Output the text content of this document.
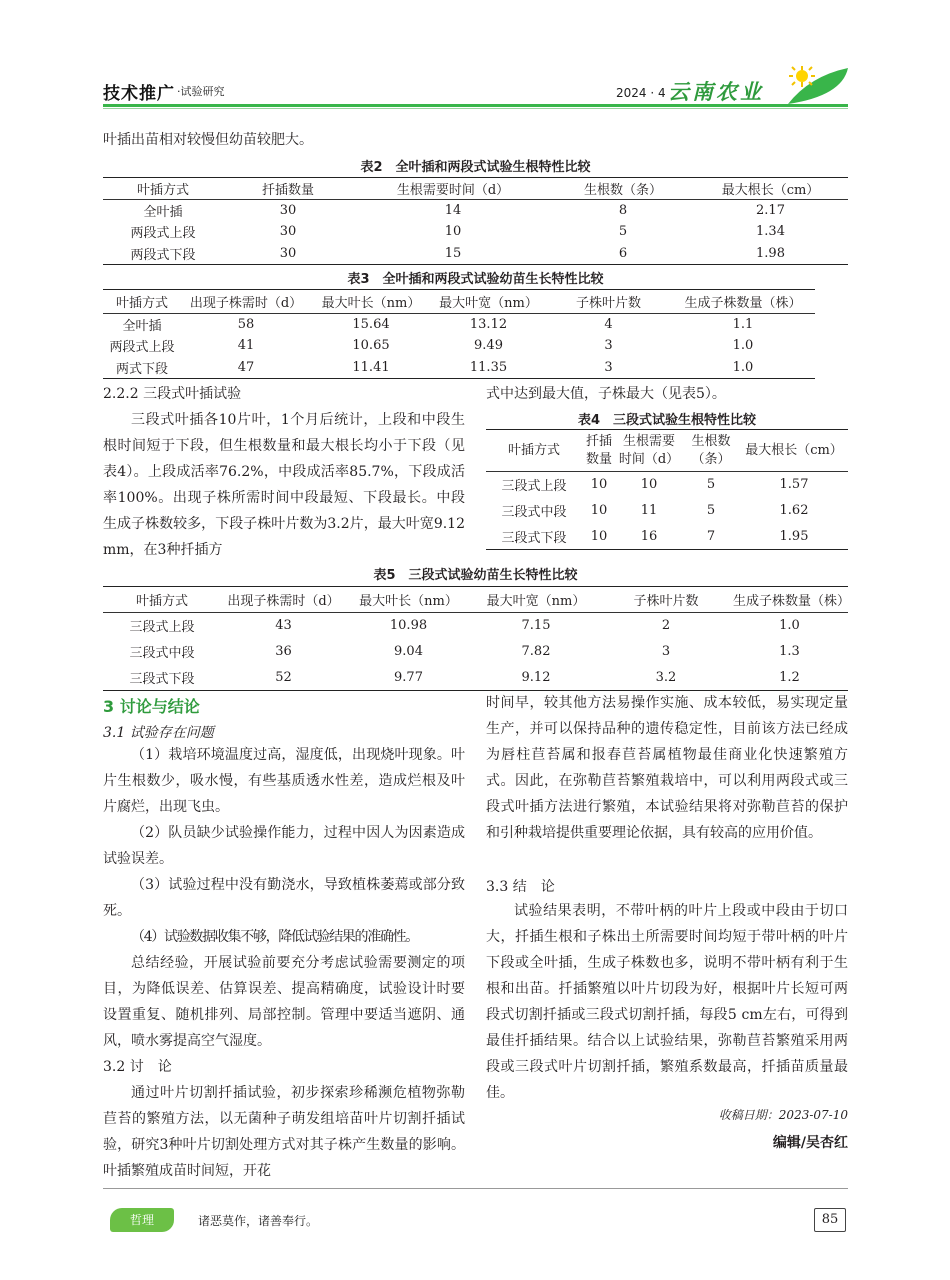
技术推广 ·试验研究	2024 · 4 云南农业
叶插出苗相对较慢但幼苗较肥大。
表2　全叶插和两段式试验生根特性比较
叶插方式	扦插数量	生根需要时间（d）	生根数（条）	最大根长（cm）
全叶插	30	14	8	2.17
两段式上段	30	10	5	1.34
两段式下段	30	15	6	1.98
表3　全叶插和两段式试验幼苗生长特性比较
叶插方式	出现子株需时（d）	最大叶长（nm）	最大叶宽（nm）	子株叶片数	生成子株数量（株）
全叶插	58	15.64	13.12	4	1.1
两段式上段	41	10.65	9.49	3	1.0
两式下段	47	11.41	11.35	3	1.0
2.2.2 三段式叶插试验
三段式叶插各10片叶，1个月后统计，上段和中段生根时间短于下段，但生根数量和最大根长均小于下段（见表4）。上段成活率76.2%，中段成活率85.7%，下段成活率100%。出现子株所需时间中段最短、下段最长。中段生成子株数较多，下段子株叶片数为3.2片，最大叶宽9.12 mm，在3种扦插方
式中达到最大值，子株最大（见表5）。
表4　三段式试验生根特性比较
叶插方式	扦插数量	生根需要时间（d）	生根数（条）	最大根长（cm）
三段式上段	10	10	5	1.57
三段式中段	10	11	5	1.62
三段式下段	10	16	7	1.95
表5　三段式试验幼苗生长特性比较
叶插方式	出现子株需时（d）	最大叶长（nm）	最大叶宽（nm）	子株叶片数	生成子株数量（株）
三段式上段	43	10.98	7.15	2	1.0
三段式中段	36	9.04	7.82	3	1.3
三段式下段	52	9.77	9.12	3.2	1.2
3 讨论与结论
3.1 试验存在问题
（1）栽培环境温度过高，湿度低，出现烧叶现象。叶片生根数少，吸水慢，有些基质透水性差，造成烂根及叶片腐烂，出现飞虫。
（2）队员缺少试验操作能力，过程中因人为因素造成试验误差。
（3）试验过程中没有勤浇水，导致植株萎蔫或部分致死。
（4）试验数据收集不够，降低试验结果的准确性。
总结经验，开展试验前要充分考虑试验需要测定的项目，为降低误差、估算误差、提高精确度，试验设计时要设置重复、随机排列、局部控制。管理中要适当遮阴、通风，喷水雾提高空气湿度。
3.2 讨　论
通过叶片切割扦插试验，初步探索珍稀濒危植物弥勒苣苔的繁殖方法，以无菌种子萌发组培苗叶片切割扦插试验，研究3种叶片切割处理方式对其子株产生数量的影响。叶插繁殖成苗时间短，开花
时间早，较其他方法易操作实施、成本较低，易实现定量生产，并可以保持品种的遗传稳定性，目前该方法已经成为唇柱苣苔属和报春苣苔属植物最佳商业化快速繁殖方式。因此，在弥勒苣苔繁殖栽培中，可以利用两段式或三段式叶插方法进行繁殖，本试验结果将对弥勒苣苔的保护和引种栽培提供重要理论依据，具有较高的应用价值。
3.3 结　论
试验结果表明，不带叶柄的叶片上段或中段由于切口大，扦插生根和子株出土所需要时间均短于带叶柄的叶片下段或全叶插，生成子株数也多，说明不带叶柄有利于生根和出苗。扦插繁殖以叶片切段为好，根据叶片长短可两段式切割扦插或三段式切割扦插，每段5 cm左右，可得到最佳扦插结果。结合以上试验结果，弥勒苣苔繁殖采用两段或三段式叶片切割扦插，繁殖系数最高，扦插苗质量最佳。
收稿日期：2023-07-10
编辑/吴杏红
哲理	诸恶莫作，诸善奉行。	85
